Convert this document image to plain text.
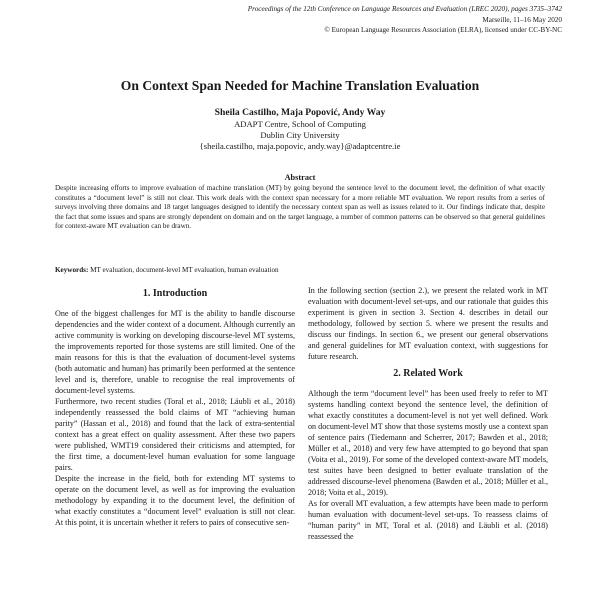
Proceedings of the 12th Conference on Language Resources and Evaluation (LREC 2020), pages 3735–3742
Marseille, 11–16 May 2020
© European Language Resources Association (ELRA), licensed under CC-BY-NC
On Context Span Needed for Machine Translation Evaluation
Sheila Castilho, Maja Popović, Andy Way
ADAPT Centre, School of Computing
Dublin City University
{sheila.castilho, maja.popovic, andy.way}@adaptcentre.ie
Abstract

Despite increasing efforts to improve evaluation of machine translation (MT) by going beyond the sentence level to the document level, the definition of what exactly constitutes a “document level” is still not clear. This work deals with the context span necessary for a more reliable MT evaluation. We report results from a series of surveys involving three domains and 18 target languages designed to identify the necessary context span as well as issues related to it. Our findings indicate that, despite the fact that some issues and spans are strongly dependent on domain and on the target language, a number of common patterns can be observed so that general guidelines for context-aware MT evaluation can be drawn.

Keywords: MT evaluation, document-level MT evaluation, human evaluation

1. Introduction

One of the biggest challenges for MT is the ability to handle discourse dependencies and the wider context of a document. Although currently an active community is working on developing discourse-level MT systems, the improvements reported for those systems are still limited. One of the main reasons for this is that the evaluation of document-level systems (both automatic and human) has primarily been performed at the sentence level and is, therefore, unable to recognise the real improvements of document-level systems.

Furthermore, two recent studies (Toral et al., 2018; Läubli et al., 2018) independently reassessed the bold claims of MT “achieving human parity” (Hassan et al., 2018) and found that the lack of extra-sentential context has a great effect on quality assessment. After these two papers were published, WMT19 considered their criticisms and attempted, for the first time, a document-level human evaluation for some language pairs.

Despite the increase in the field, both for extending MT systems to operate on the document level, as well as for improving the evaluation methodology by expanding it to the document level, the definition of what exactly constitutes a “document level” evaluation is still not clear. At this point, it is uncertain whether it refers to pairs of consecutive sen-

In the following section (section 2.), we present the related work in MT evaluation with document-level set-ups, and our rationale that guides this experiment is given in section 3. Section 4. describes in detail our methodology, followed by section 5. where we present the results and discuss our findings. In section 6., we present our general observations and general guidelines for MT evaluation context, with suggestions for future research.

2. Related Work

Although the term “document level” has been used freely to refer to MT systems handling context beyond the sentence level, the definition of what exactly constitutes a document-level is not yet well defined. Work on document-level MT show that those systems mostly use a context span of sentence pairs (Tiedemann and Scherrer, 2017; Bawden et al., 2018; Müller et al., 2018) and very few have attempted to go beyond that span (Voita et al., 2019). For some of the developed context-aware MT models, test suites have been designed to better evaluate translation of the addressed discourse-level phenomena (Bawden et al., 2018; Müller et al., 2018; Voita et al., 2019).

As for overall MT evaluation, a few attempts have been made to perform human evaluation with document-level set-ups. To reassess claims of “human parity” in MT, Toral et al. (2018) and Läubli et al. (2018) reassessed the
